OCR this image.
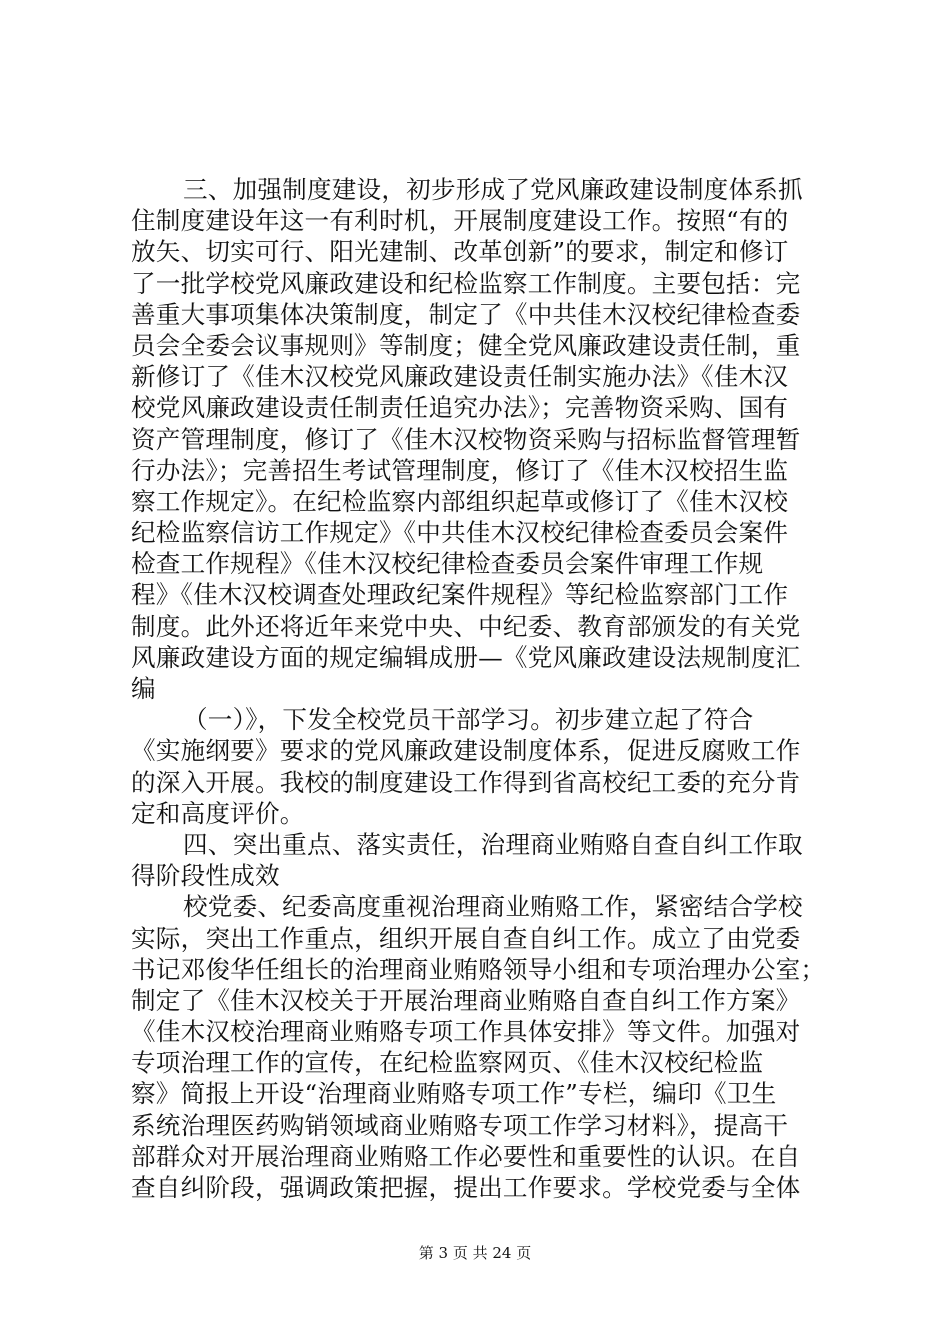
三、加强制度建设，初步形成了党风廉政建设制度体系抓
住制度建设年这一有利时机，开展制度建设工作。按照“有的
放矢、切实可行、阳光建制、改革创新”的要求，制定和修订
了一批学校党风廉政建设和纪检监察工作制度。主要包括：完
善重大事项集体决策制度，制定了《中共佳木汉校纪律检查委
员会全委会议事规则》等制度；健全党风廉政建设责任制，重
新修订了《佳木汉校党风廉政建设责任制实施办法》《佳木汉
校党风廉政建设责任制责任追究办法》；完善物资采购、国有
资产管理制度，修订了《佳木汉校物资采购与招标监督管理暂
行办法》；完善招生考试管理制度，修订了《佳木汉校招生监
察工作规定》。在纪检监察内部组织起草或修订了《佳木汉校
纪检监察信访工作规定》《中共佳木汉校纪律检查委员会案件
检查工作规程》《佳木汉校纪律检查委员会案件审理工作规
程》《佳木汉校调查处理政纪案件规程》等纪检监察部门工作
制度。此外还将近年来党中央、中纪委、教育部颁发的有关党
风廉政建设方面的规定编辑成册—《党风廉政建设法规制度汇
编
（一）》，下发全校党员干部学习。初步建立起了符合
《实施纲要》要求的党风廉政建设制度体系，促进反腐败工作
的深入开展。我校的制度建设工作得到省高校纪工委的充分肯
定和高度评价。
四、突出重点、落实责任，治理商业贿赂自查自纠工作取
得阶段性成效
校党委、纪委高度重视治理商业贿赂工作，紧密结合学校
实际，突出工作重点，组织开展自查自纠工作。成立了由党委
书记邓俊华任组长的治理商业贿赂领导小组和专项治理办公室；
制定了《佳木汉校关于开展治理商业贿赂自查自纠工作方案》
《佳木汉校治理商业贿赂专项工作具体安排》等文件。加强对
专项治理工作的宣传，在纪检监察网页、《佳木汉校纪检监
察》简报上开设“治理商业贿赂专项工作”专栏，编印《卫生
系统治理医药购销领域商业贿赂专项工作学习材料》，提高干
部群众对开展治理商业贿赂工作必要性和重要性的认识。在自
查自纠阶段，强调政策把握，提出工作要求。学校党委与全体
第 3 页 共 24 页
